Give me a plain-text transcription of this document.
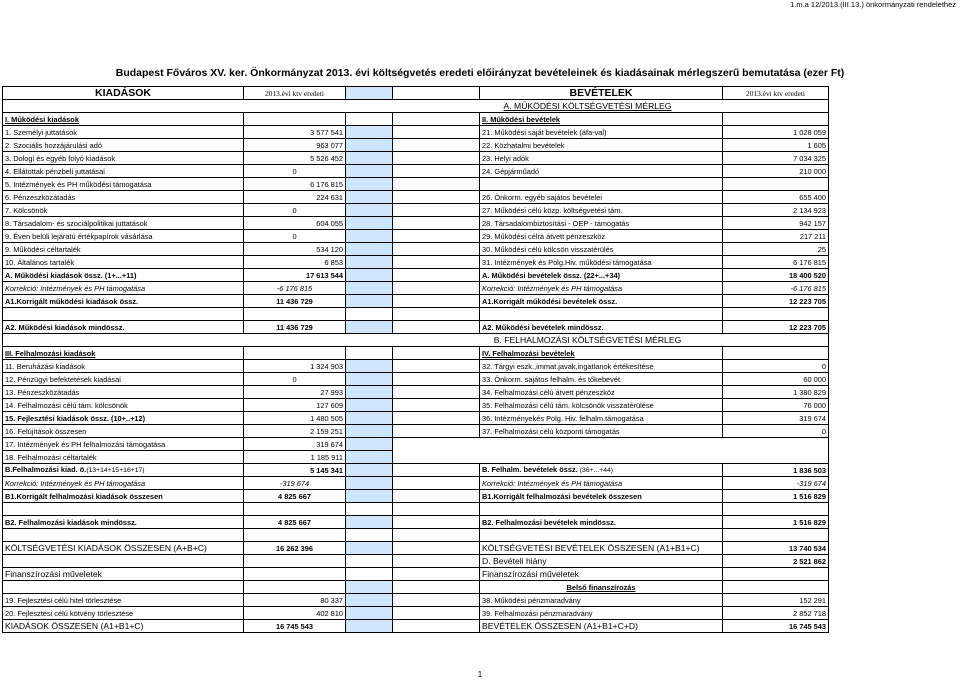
1.m.a 12/2013.(III.13.) önkormányzati rendelethez
Budapest Főváros XV. ker. Önkormányzat 2013. évi költségvetés eredeti előirányzat bevételeinek és kiadásainak mérlegszerű bemutatása (ezer Ft)
KIADÁSOK	2013.évi ktv eredeti			BEVÉTELEK	2013.évi ktv eredeti	
			A. MŰKÖDÉSI KÖLTSÉGVETÉSI MÉRLEG			
I. Működési kiadások				II. Működési bevételek		
1. Személyi juttatások	3 577 541			21. Működési saját bevételek (áfa-val)	1 028 059	
2. Szociális hozzájárulási adó	963 077			22. Közhatalmi bevételek	1 605	
3. Dologi és egyéb folyó kiadások	5 526 452			23. Helyi adók	7 034 325	
4. Ellátottak pénzbeli juttatásai	0			24. Gépjárműadó	210 000	
5. Intézmények és PH működési támogatása	6 176 815					
6. Pénzeszközátadás	224 631			26. Önkorm. egyéb sajátos bevételei	655 400	
7. Kölcsönök	0			27. Működési célú közp. költségvetési tám.	2 134 923	
8. Társadalom- és szociálpolitikai juttatások	604 055			28. Társadalombiztosítási - OEP - támogatás	942 157	
9. Éven belüli lejáratú értékpapírok vásárlása	0			29. Működési célra átvett pénzeszköz	217 211	
9. Működési céltartalék	534 120			30. Működési célú kölcsön visszatérülés	25	
10. Általános tartalék	6 853			31. Intézmények és Polg.Hiv. működési támogatása	6 176 815	
A. Működési kiadások össz. (1+...+11)	17 613 544			A. Működési bevételek össz. (22+...+34)	18 400 520	
Korrekció: Intézmények és PH támogatása	-6 176 815			Korrekció: Intézmények és PH támogatása	-6 176 815	
A1.Korrigált működési kiadások össz.	11 436 729			A1.Korrigált működési bevételek össz.	12 223 705	

A2. Működési kiadások mindössz.	11 436 729			A2. Működési bevételek mindössz.	12 223 705	
			B. FELHALMOZÁSI KÖLTSÉGVETÉSI MÉRLEG			
III. Felhalmozási kiadások				IV. Felhalmozási bevételek		
11. Beruházási kiadások	1 324 903			32. Tárgyi eszk.,immat.javak,ingatlanok értékesítése	0	
12. Pénzügyi befektetések kiadásai	0			33. Önkorm. sajátos felhalm. és tőkebevét.	60 000	
13. Pénzeszközátadás	27 993			34. Felhalmozási célú átvett pénzeszköz	1 380 829	
14. Felhalmozási célú tám. kölcsönök	127 609			35. Felhalmozási célú tám. kölcsönök visszatérülése	76 000	
15. Fejlesztési kiadások össz. (10+..+12)	1 480 505			36. Intézményekés Polg. Hiv. felhalm.támogatása	319 674	
16. Felújítások összesen	2 159 251			37. Felhalmozási célú központi támogatás	0	
17. Intézmények és PH felhalmozási támogatása	319 674					
18. Felhalmozási céltartalék	1 185 911					
B.Felhalmozási kiad. ö.(13+14+15+16+17)	5 145 341			B. Felhalm. bevételek össz. (36+...+44)	1 836 503	
Korrekció: Intézmények és PH támogatása	-319 674			Korrekció: Intézmények és PH támogatása	-319 674	
B1.Korrigált felhalmozási kiadások összesen	4 825 667			B1.Korrigált felhalmozási bevételek összesen	1 516 829	

B2. Felhalmozási kiadások mindössz.	4 825 667			B2. Felhalmozási bevételek mindössz.	1 516 829	

KÖLTSÉGVETÉSI KIADÁSOK ÖSSZESEN (A+B+C)	16 262 396			KÖLTSÉGVETÉSI BEVÉTELEK ÖSSZESEN (A1+B1+C)	13 740 534	
				D. Bevételi hiány	2 521 862	
Finanszírozási műveletek				Finanszírozási műveletek		
				Belső finanszírozás		
19. Fejlesztési célú hitel törlesztése	80 337			38. Működési pénzmaradvány	152 291	
20. Fejlesztési célú kötvény törlesztése	402 810			39. Felhalmozási pénzmaradvány	2 852 718	
KIADÁSOK ÖSSZESEN (A1+B1+C)	16 745 543			BEVÉTELEK ÖSSZESEN (A1+B1+C+D)	16 745 543	
1
